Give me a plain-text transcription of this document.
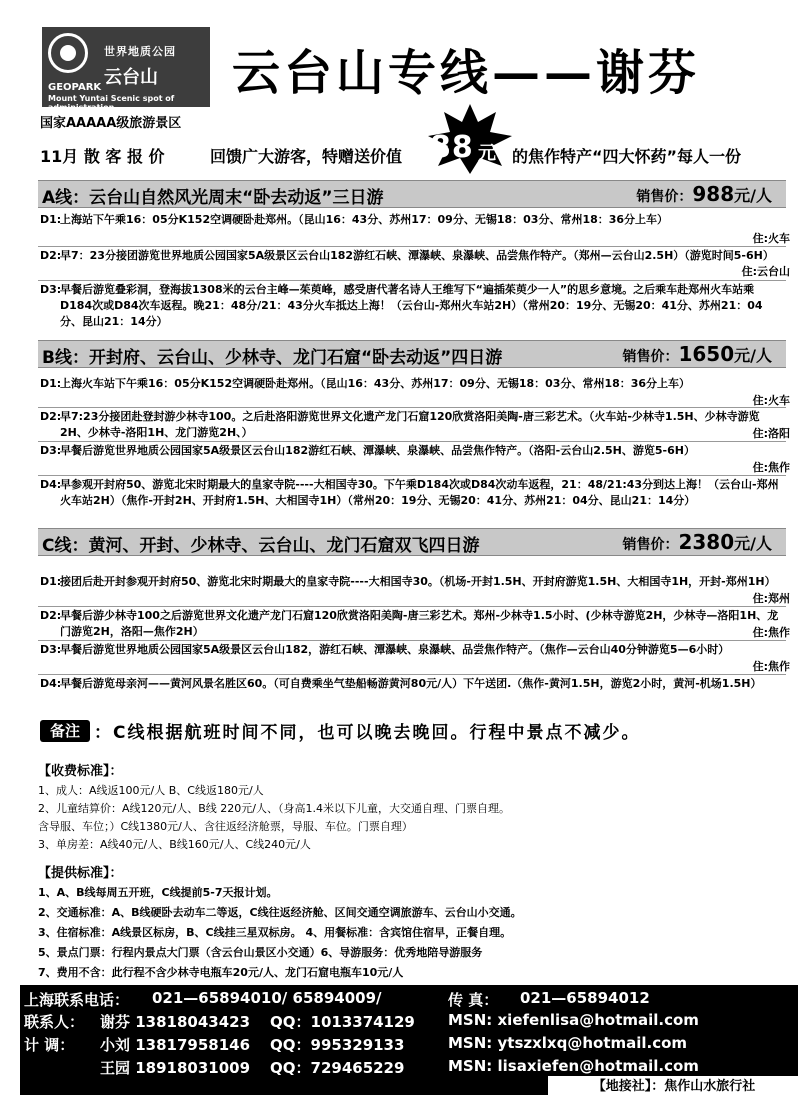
世界地质公园
云台山
GEOPARK
Mount Yuntai Scenic spot of administration
云台山专线——谢芬
国家AAAAA级旅游景区
11月 散 客 报 价	回馈广大游客，特赠送价值	的焦作特产“四大怀药”每人一份
88 元
A线：云台山自然风光周末“卧去动返”三日游	销售价：988元/人
D1:
上海站下午乘16：05分K152空调硬卧赴郑州。（昆山16：43分、苏州17：09分、无锡18：03分、常州18：36分上车）
住:火车
D2:
早7：23分接团游览世界地质公园国家5A级景区云台山182游红石峡、潭瀑峡、泉瀑峡、品尝焦作特产。（郑州—云台山2.5H）（游览时间5-6H）
住:云台山
D3:
早餐后游览叠彩洞，登海拔1308米的云台主峰—茱萸峰，感受唐代著名诗人王维写下“遍插茱萸少一人”的思乡意境。之后乘车赴郑州火车站乘D184次或D84次车返程。晚21：48分/21：43分火车抵达上海！（云台山-郑州火车站2H）（常州20：19分、无锡20：41分、苏州21：04分、昆山21：14分）
B线：开封府、云台山、少林寺、龙门石窟“卧去动返”四日游	销售价：1650元/人
D1:
上海火车站下午乘16：05分K152空调硬卧赴郑州。（昆山16：43分、苏州17：09分、无锡18：03分、常州18：36分上车）
住:火车
D2:
早7:23分接团赴登封游少林寺100。之后赴洛阳游览世界文化遗产龙门石窟120欣赏洛阳美陶-唐三彩艺术。（火车站-少林寺1.5H、少林寺游览2H、少林寺-洛阳1H、龙门游览2H、）	住:洛阳
D3:
早餐后游览世界地质公园国家5A级景区云台山182游红石峡、潭瀑峡、泉瀑峡、品尝焦作特产。（洛阳-云台山2.5H、游览5-6H）
住:焦作
D4:
早参观开封府50、游览北宋时期最大的皇家寺院----大相国寺30。下午乘D184次或D84次动车返程，21：48/21:43分到达上海！（云台山-郑州火车站2H）（焦作-开封2H、开封府1.5H、大相国寺1H）（常州20：19分、无锡20：41分、苏州21：04分、昆山21：14分）
C线：黄河、开封、少林寺、云台山、龙门石窟双飞四日游	销售价：2380元/人
D1:
接团后赴开封参观开封府50、游览北宋时期最大的皇家寺院----大相国寺30。（机场-开封1.5H、开封府游览1.5H、大相国寺1H，开封-郑州1H）
住:郑州
D2:
早餐后游少林寺100之后游览世界文化遗产龙门石窟120欣赏洛阳美陶-唐三彩艺术。郑州-少林寺1.5小时、(少林寺游览2H，少林寺—洛阳1H、龙门游览2H，洛阳—焦作2H）	住:焦作
D3:
早餐后游览世界地质公园国家5A级景区云台山182，游红石峡、潭瀑峡、泉瀑峡、品尝焦作特产。（焦作—云台山40分钟游览5—6小时）
住:焦作
D4:
早餐后游览母亲河——黄河风景名胜区60。（可自费乘坐气垫船畅游黄河80元/人）下午送团.（焦作-黄河1.5H，游览2小时，黄河-机场1.5H）
备注 ：C线根据航班时间不同，也可以晚去晚回。行程中景点不减少。
【收费标准】：
1、成人：A线返100元/人 B、C线返180元/人
2、儿童结算价：A线120元/人、B线 220元/人、（身高1.4米以下儿童，大交通自理、门票自理。
含导服、车位；）C线1380元/人、含往返经济舱票，导服、车位。门票自理）
3、单房差：A线40元/人、B线160元/人、C线240元/人
【提供标准】：
1、A、B线每周五开班，C线提前5-7天报计划。
2、交通标准：A、B线硬卧去动车二等返，C线往返经济舱、区间交通空调旅游车、云台山小交通。
3、住宿标准：A线景区标房，B、C线挂三星双标房。 4、用餐标准：含宾馆住宿早，正餐自理。
5、景点门票：行程内景点大门票（含云台山景区小交通）6、导游服务：优秀地陪导游服务
7、费用不含：此行程不含少林寺电瓶车20元/人、龙门石窟电瓶车10元/人
上海联系电话： 021—65894010/ 65894009/	传 真： 021—65894012
联系人： 谢芬 13818043423 QQ：1013374129 MSN: xiefenlisa@hotmail.com
计 调： 小刘 13817958146 QQ：995329133	MSN: ytszxlxq@hotmail.com
王园 18918031009 QQ：729465229	MSN: lisaxiefen@hotmail.com
【地接社】：焦作山水旅行社
